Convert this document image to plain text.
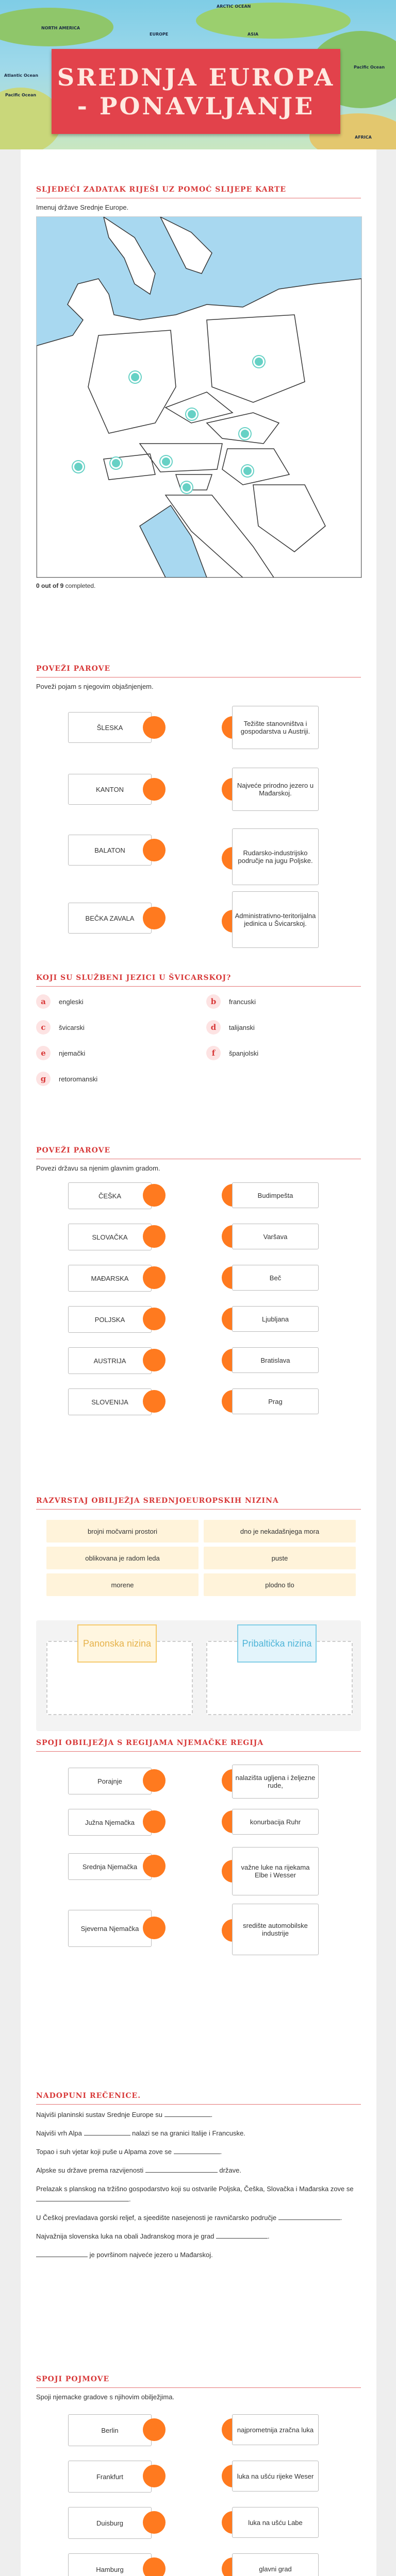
ARCTIC OCEAN
NORTH AMERICA
EUROPE	ASIA
Pacific Ocean
Atlantic Ocean
Pacific Ocean
AFRICA
SREDNJA EUROPA - PONAVLJANJE
SLJEDEĆI ZADATAK RIJEŠI UZ POMOĆ SLIJEPE KARTE
Imenuj države Srednje Europe.
0 out of 9 completed.
POVEŽI PAROVE
Poveži pojam s njegovim objašnjenjem.
ŠLESKA	Težište stanovništva i gospodarstva u Austriji.
KANTON	Najveće prirodno jezero u Mađarskoj.
BALATON	Rudarsko-industrijsko područje na jugu Poljske.
BEČKA ZAVALA	Administrativno-teritorijalna jedinica u Švicarskoj.
KOJI SU SLUŽBENI JEZICI U ŠVICARSKOJ?
a	engleski	b	francuski
c	švicarski	d	talijanski
e	njemački	f	španjolski
g	retoromanski
POVEŽI PAROVE
Povezi državu sa njenim glavnim gradom.
ČEŠKA	Budimpešta
SLOVAČKA	Varšava
MAĐARSKA	Beč
POLJSKA	Ljubljana
AUSTRIJA	Bratislava
SLOVENIJA	Prag
RAZVRSTAJ OBILJEŽJA SREDNJOEUROPSKIH NIZINA
brojni močvarni prostori	dno je nekadašnjega mora
oblikovana je radom leda	puste
morene	plodno tlo
Panonska nizina	Pribaltička nizina
SPOJI OBILJEŽJA S REGIJAMA NJEMAČKE REGIJA
Porajnje	nalazišta ugljena i željezne rude,
Južna Njemačka	konurbacija Ruhr
Srednja Njemačka	važne luke na rijekama Elbe i Wesser
Sjeverna Njemačka	središte automobilske industrije
NADOPUNI REČENICE.

Najviši planinski sustav Srednje Europe su	.

Najviši vrh Alpa	nalazi se na granici Italije i Francuske.

Topao i suh vjetar koji puše u Alpama zove se	.

Alpske su države prema razvijenosti	države.

Prelazak s planskog na tržišno gospodarstvo koji su ostvarile Poljska, Češka, Slovačka i Mađarska zove se .

U Češkoj prevladava gorski reljef, a sjeedište nasejenosti je ravničarsko područje	.

Najvažnija slovenska luka na obali Jadranskog mora je grad	.

je površinom najveće jezero u Mađarskoj.

SPOJI POJMOVE
Spoji njemacke gradove s njihovim obilježjima.
Berlin	najprometnija zračna luka
Frankfurt	luka na ušću rijeke Weser
Duisburg	luka na ušću Labe
Hamburg	glavni grad
